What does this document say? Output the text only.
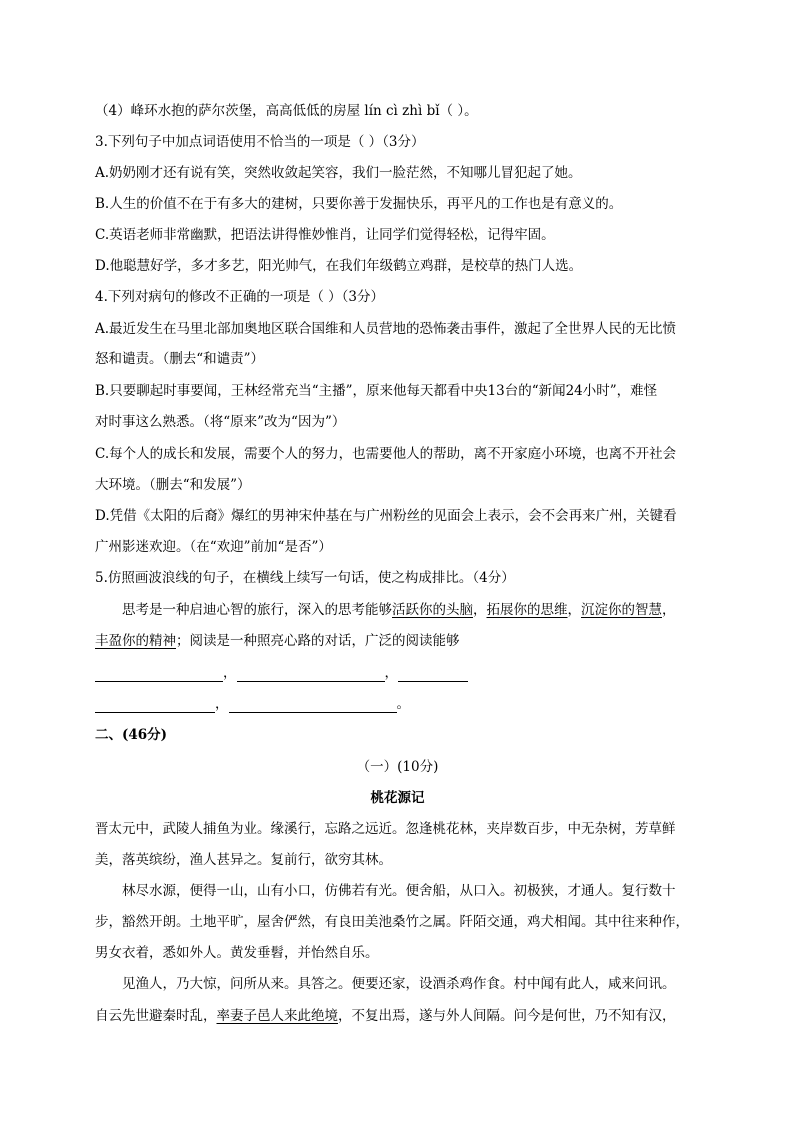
（4）峰环水抱的萨尔茨堡，高高低低的房屋 lín cì zhì bǐ（ ）。
3.下列句子中加点词语使用不恰当的一项是（ ）（3分）
A.奶奶刚才还有说有笑，突然收敛起笑容，我们一脸茫然，不知哪儿冒犯起了她。
B.人生的价值不在于有多大的建树，只要你善于发掘快乐，再平凡的工作也是有意义的。
C.英语老师非常幽默，把语法讲得惟妙惟肖，让同学们觉得轻松，记得牢固。
D.他聪慧好学，多才多艺，阳光帅气，在我们年级鹤立鸡群，是校草的热门人选。
4.下列对病句的修改不正确的一项是（ ）（3分）
A.最近发生在马里北部加奥地区联合国维和人员营地的恐怖袭击事件，激起了全世界人民的无比愤
怒和谴责。（删去“和谴责”）
B.只要聊起时事要闻，王林经常充当“主播”，原来他每天都看中央13台的“新闻24小时”，难怪
对时事这么熟悉。（将“原来”改为“因为”）
C.每个人的成长和发展，需要个人的努力，也需要他人的帮助，离不开家庭小环境，也离不开社会
大环境。（删去“和发展”）
D.凭借《太阳的后裔》爆红的男神宋仲基在与广州粉丝的见面会上表示，会不会再来广州，关键看
广州影迷欢迎。（在“欢迎”前加“是否”）
5.仿照画波浪线的句子，在横线上续写一句话，使之构成排比。（4分）
思考是一种启迪心智的旅行，深入的思考能够活跃你的头脑，拓展你的思维，沉淀你的智慧，
丰盈你的精神；阅读是一种照亮心路的对话，广泛的阅读能够
，	，
，	。
二、(46分)
（一）(10分)
桃花源记
晋太元中，武陵人捕鱼为业。缘溪行，忘路之远近。忽逢桃花林，夹岸数百步，中无杂树，芳草鲜
美，落英缤纷，渔人甚异之。复前行，欲穷其林。
林尽水源，便得一山，山有小口，仿佛若有光。便舍船，从口入。初极狭，才通人。复行数十
步，豁然开朗。土地平旷，屋舍俨然，有良田美池桑竹之属。阡陌交通，鸡犬相闻。其中往来种作，
男女衣着，悉如外人。黄发垂髫，并怡然自乐。
见渔人，乃大惊，问所从来。具答之。便要还家，设酒杀鸡作食。村中闻有此人，咸来问讯。
自云先世避秦时乱，率妻子邑人来此绝境，不复出焉，遂与外人间隔。问今是何世，乃不知有汉，
